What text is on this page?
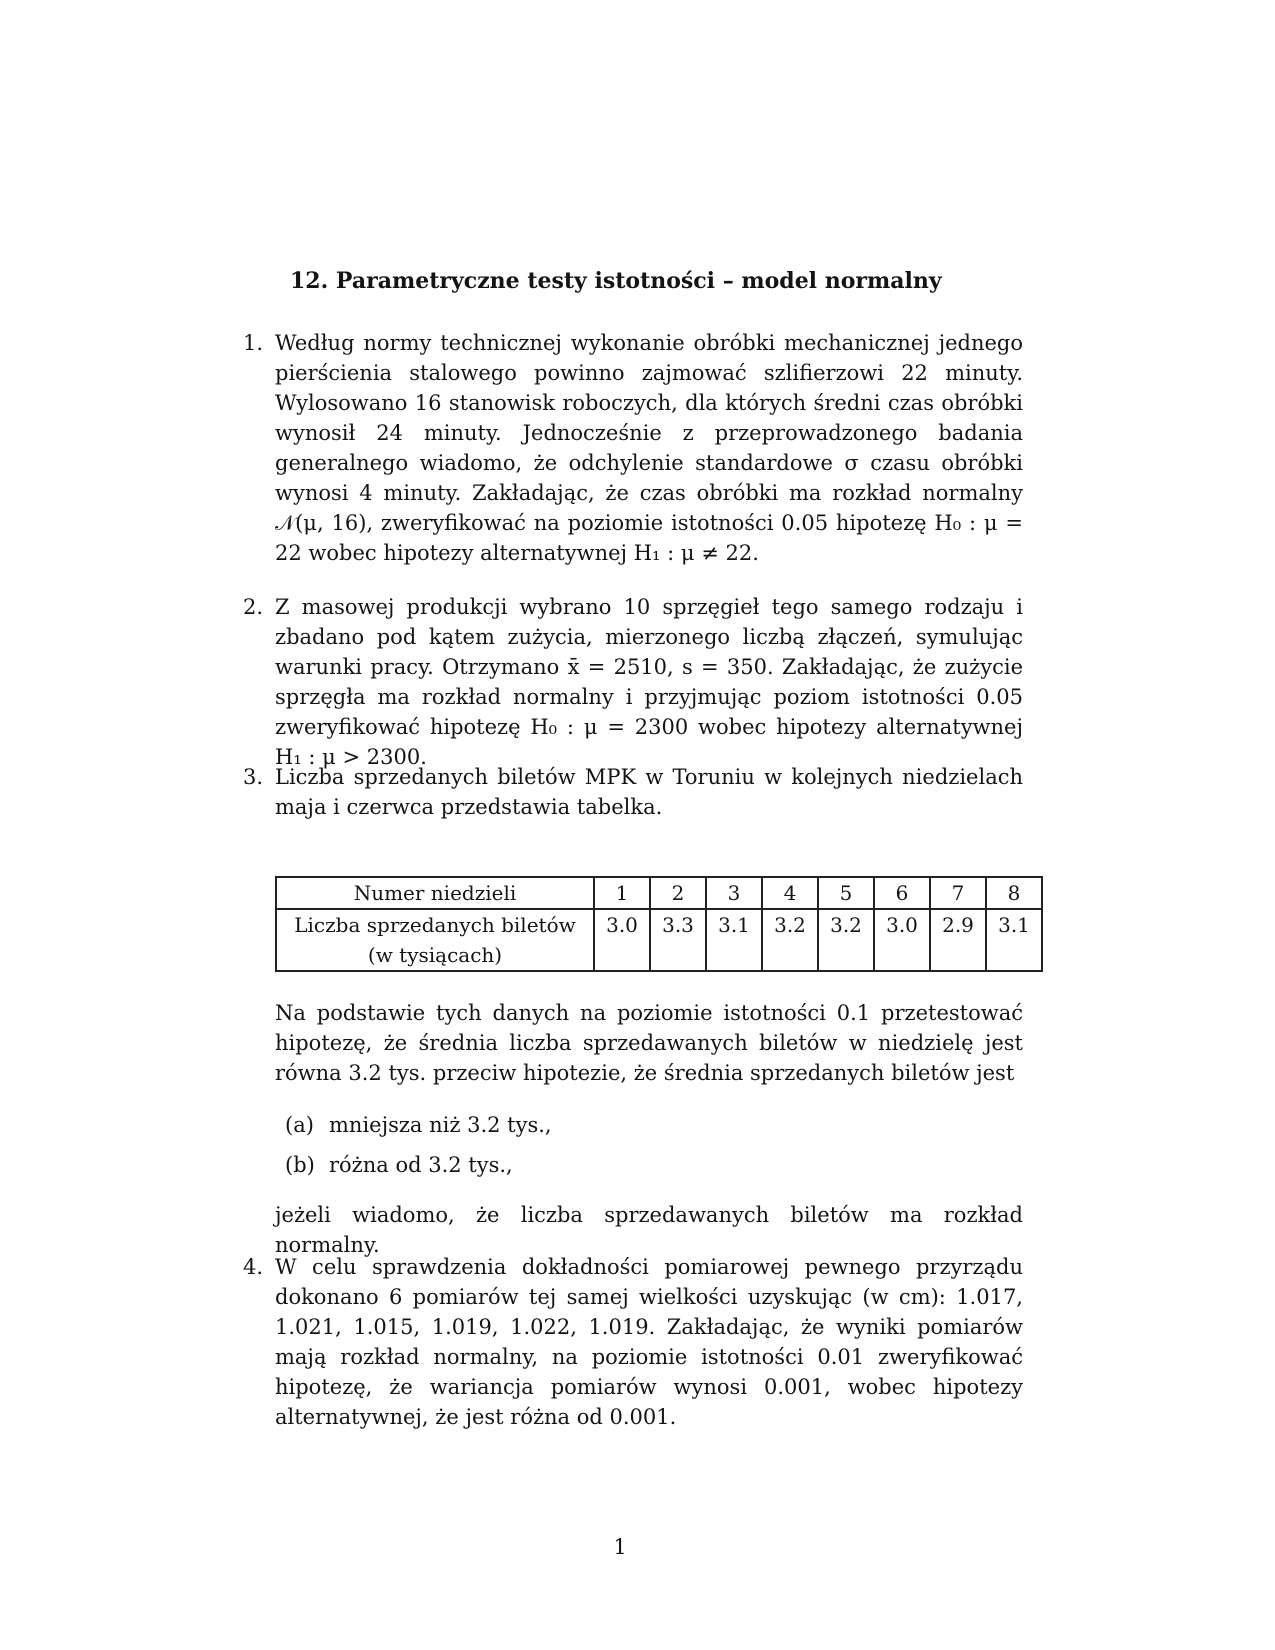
12. Parametryczne testy istotności – model normalny
1. Według normy technicznej wykonanie obróbki mechanicznej jednego pierścienia stalowego powinno zajmować szlifierzowi 22 minuty. Wylosowano 16 stanowisk roboczych, dla których średni czas obróbki wynosił 24 minuty. Jednocześnie z przeprowadzonego badania generalnego wiadomo, że odchylenie standardowe σ czasu obróbki wynosi 4 minuty. Zakładając, że czas obróbki ma rozkład normalny 𝒩(μ, 16), zweryfikować na poziomie istotności 0.05 hipotezę H₀ : μ = 22 wobec hipotezy alternatywnej H₁ : μ ≠ 22.

2. Z masowej produkcji wybrano 10 sprzęgieł tego samego rodzaju i zbadano pod kątem zużycia, mierzonego liczbą złączeń, symulując warunki pracy. Otrzymano x̄ = 2510, s = 350. Zakładając, że zużycie sprzęgła ma rozkład normalny i przyjmując poziom istotności 0.05 zweryfikować hipotezę H₀ : μ = 2300 wobec hipotezy alternatywnej H₁ : μ > 2300.

3. Liczba sprzedanych biletów MPK w Toruniu w kolejnych niedzielach maja i czerwca przedstawia tabelka.

Numer niedzieli	1	2	3	4	5	6	7	8

Liczba sprzedanych biletów
(w tysiącach)	3.0	3.3	3.1	3.2	3.2	3.0	2.9	3.1

Na podstawie tych danych na poziomie istotności 0.1 przetestować hipotezę, że średnia liczba sprzedawanych biletów w niedzielę jest równa 3.2 tys. przeciw hipotezie, że średnia sprzedanych biletów jest

(a) mniejsza niż 3.2 tys.,
(b) różna od 3.2 tys.,

jeżeli wiadomo, że liczba sprzedawanych biletów ma rozkład normalny.

4. W celu sprawdzenia dokładności pomiarowej pewnego przyrządu dokonano 6 pomiarów tej samej wielkości uzyskując (w cm): 1.017, 1.021, 1.015, 1.019, 1.022, 1.019. Zakładając, że wyniki pomiarów mają rozkład normalny, na poziomie istotności 0.01 zweryfikować hipotezę, że wariancja pomiarów wynosi 0.001, wobec hipotezy alternatywnej, że jest różna od 0.001.

1
